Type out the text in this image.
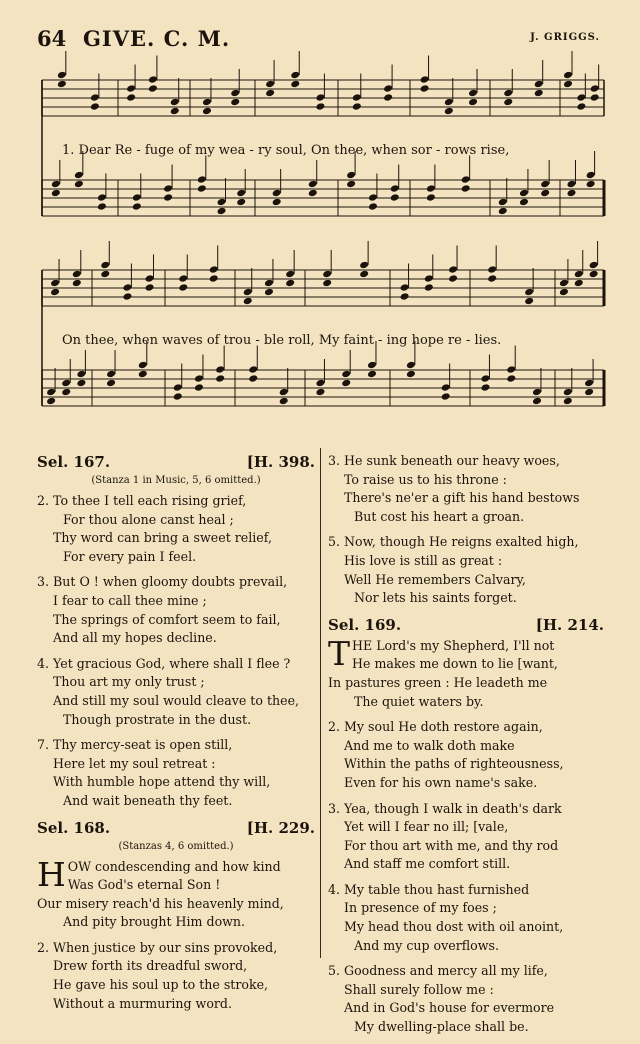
64 GIVE. C. M.	J. GRIGGS.
1. Dear Re - fuge of my wea - ry soul, On thee, when sor - rows rise,
On thee, when waves of trou - ble roll, My faint - ing hope re - lies.
Sel. 167.	[H. 398.
(Stanza 1 in Music, 5, 6 omitted.)
2. To thee I tell each rising grief,
For thou alone canst heal ;
Thy word can bring a sweet relief,
For every pain I feel.
3. But O ! when gloomy doubts prevail,
I fear to call thee mine ;
The springs of comfort seem to fail,
And all my hopes decline.
4. Yet gracious God, where shall I flee ?
Thou art my only trust ;
And still my soul would cleave to thee,
Though prostrate in the dust.
7. Thy mercy-seat is open still,
Here let my soul retreat :
With humble hope attend thy will,
And wait beneath thy feet.
Sel. 168.	[H. 229.
(Stanzas 4, 6 omitted.)
H OW condescending and how kind
Was God's eternal Son !
Our misery reach'd his heavenly mind,
And pity brought Him down.
2. When justice by our sins provoked,
Drew forth its dreadful sword,
He gave his soul up to the stroke,
Without a murmuring word.
3. He sunk beneath our heavy woes,
To raise us to his throne :
There's ne'er a gift his hand bestows
But cost his heart a groan.
5. Now, though He reigns exalted high,
His love is still as great :
Well He remembers Calvary,
Nor lets his saints forget.
Sel. 169.	[H. 214.
T HE Lord's my Shepherd, I'll not
He makes me down to lie [want,
In pastures green : He leadeth me
The quiet waters by.
2. My soul He doth restore again,
And me to walk doth make
Within the paths of righteousness,
Even for his own name's sake.
3. Yea, though I walk in death's dark
Yet will I fear no ill; [vale,
For thou art with me, and thy rod
And staff me comfort still.
4. My table thou hast furnished
In presence of my foes ;
My head thou dost with oil anoint,
And my cup overflows.
5. Goodness and mercy all my life,
Shall surely follow me :
And in God's house for evermore
My dwelling-place shall be.
